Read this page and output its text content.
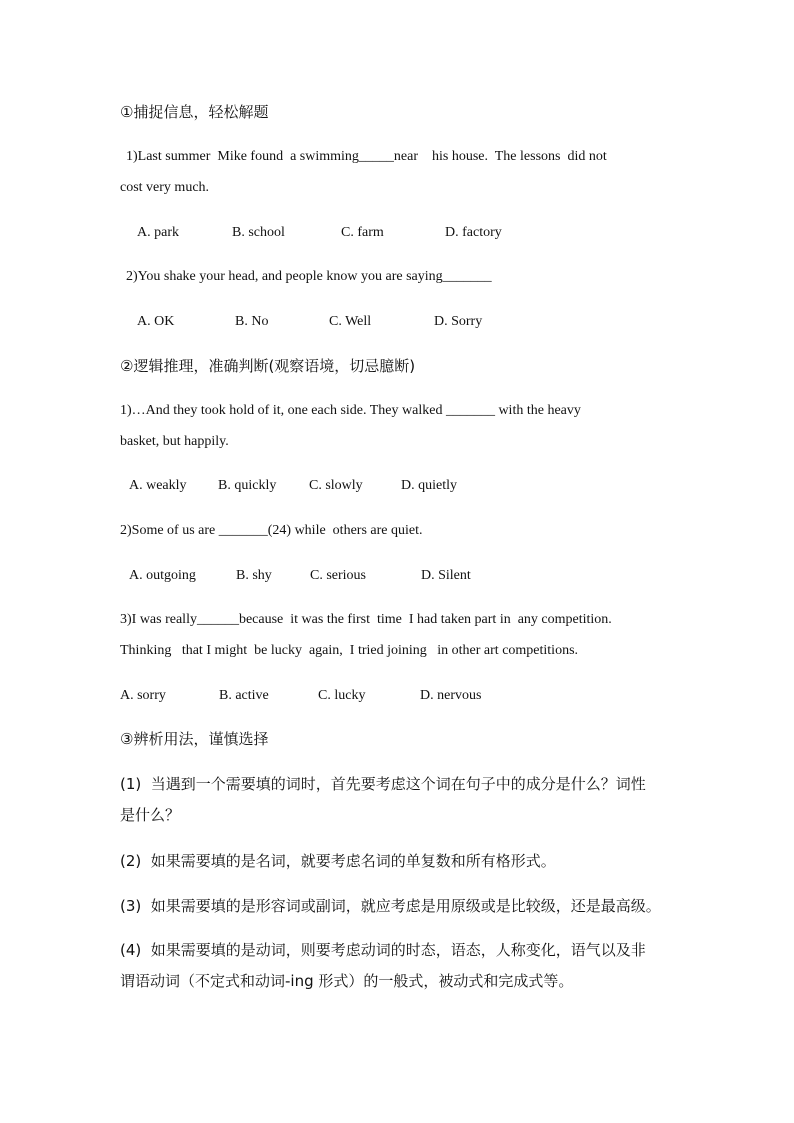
①捕捉信息，轻松解题
1)Last summer  Mike found  a swimming_____near    his house.  The lessons  did not
cost very much.
A. park	B. school	C. farm	D. factory
2)You shake your head, and people know you are saying_______
A. OK	B. No	C. Well	D. Sorry
②逻辑推理，准确判断(观察语境，切忌臆断)
1)…And they took hold of it, one each side. They walked _______ with the heavy
basket, but happily.
A. weakly B. quickly C. slowly	D. quietly
2)Some of us are _______(24) while  others are quiet.
A. outgoing	B. shy	C. serious	D. Silent
3)I was really______because  it was the first  time  I had taken part in  any competition.
Thinking   that I might  be lucky  again,  I tried joining   in other art competitions.
A. sorry	B. active	C. lucky	D. nervous
③辨析用法，谨慎选择
(1)  当遇到一个需要填的词时，首先要考虑这个词在句子中的成分是什么？词性
是什么？
(2)  如果需要填的是名词，就要考虑名词的单复数和所有格形式。
(3)  如果需要填的是形容词或副词，就应考虑是用原级或是比较级，还是最高级。
(4)  如果需要填的是动词，则要考虑动词的时态，语态，人称变化，语气以及非
谓语动词（不定式和动词-ing 形式）的一般式，被动式和完成式等。
